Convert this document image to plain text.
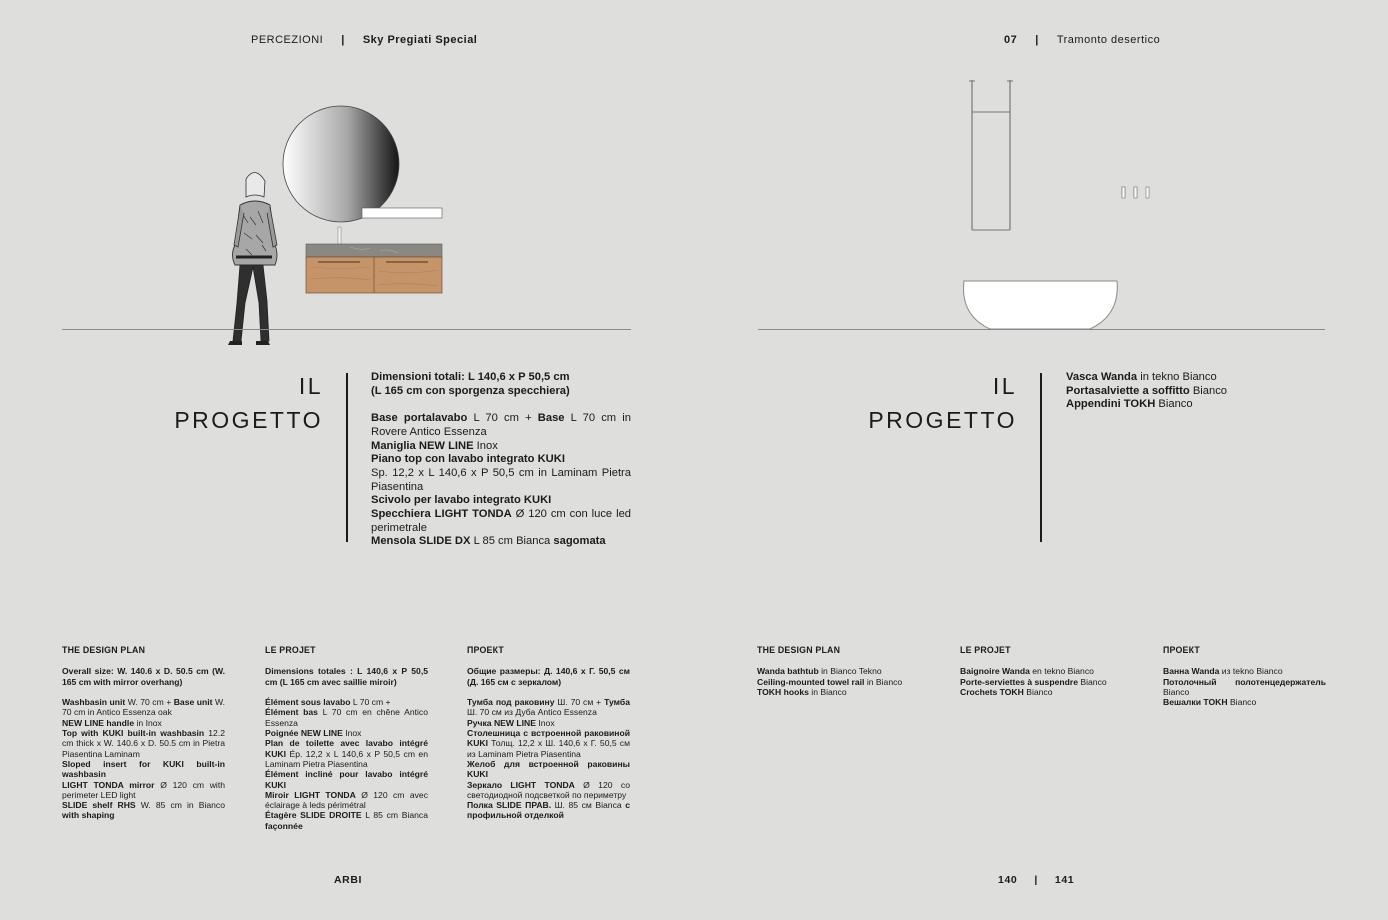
PERCEZIONI | Sky Pregiati Special	07 | Tramonto desertico
IL
PROGETTO

Dimensioni totali: L 140,6 x P 50,5 cm

(L 165 cm con sporgenza specchiera)

Base portalavabo L 70 cm + Base L 70 cm in Rovere Antico Essenza

Maniglia NEW LINE Inox

Piano top con lavabo integrato KUKI

Sp. 12,2 x L 140,6 x P 50,5 cm in Laminam Pietra Piasentina

Scivolo per lavabo integrato KUKI

Specchiera LIGHT TONDA Ø 120 cm con luce led perimetrale

Mensola SLIDE DX L 85 cm Bianca sagomata

IL
PROGETTO

Vasca Wanda in tekno Bianco

Portasalviette a soffitto Bianco

Appendini TOKH Bianco

THE DESIGN PLAN

Overall size: W. 140.6 x D. 50.5 cm (W. 165 cm with mirror overhang)

Washbasin unit W. 70 cm + Base unit W. 70 cm in Antico Essenza oak

NEW LINE handle in Inox

Top with KUKI built-in washbasin 12.2 cm thick x W. 140.6 x D. 50.5 cm in Pietra Piasentina Laminam

Sloped insert for KUKI built-in washbasin

LIGHT TONDA mirror Ø 120 cm with perimeter LED light

SLIDE shelf RHS W. 85 cm in Bianco with shaping

LE PROJET

Dimensions totales : L 140,6 x P 50,5 cm (L 165 cm avec saillie miroir)

Élément sous lavabo L 70 cm +

Élément bas L 70 cm en chêne Antico Essenza

Poignée NEW LINE Inox

Plan de toilette avec lavabo intégré KUKI Ép. 12,2 x L 140,6 x P 50,5 cm en Laminam Pietra Piasentina

Élément incliné pour lavabo intégré KUKI

Miroir LIGHT TONDA Ø 120 cm avec éclairage à leds périmétral

Étagère SLIDE DROITE L 85 cm Bianca façonnée

ПРОЕКТ

Общие размеры: Д. 140,6 x Г. 50,5 см (Д. 165 см с зеркалом)

Тумба под раковину Ш. 70 см + Тумба Ш. 70 см из Дуба Antico Essenza

Ручка NEW LINE Inox

Столешница с встроенной раковиной KUKI Толщ. 12,2 x Ш. 140,6 x Г. 50,5 см из Laminam Pietra Piasentina

Желоб для встроенной раковины KUKI

Зеркало LIGHT TONDA Ø 120 со светодиодной подсветкой по периметру

Полка SLIDE ПРАВ. Ш. 85 см Bianca с профильной отделкой

THE DESIGN PLAN

Wanda bathtub in Bianco Tekno

Ceiling-mounted towel rail in Bianco

TOKH hooks in Bianco

LE PROJET

Baignoire Wanda en tekno Bianco

Porte-serviettes à suspendre Bianco

Crochets TOKH Bianco

ПРОЕКТ

Ванна Wanda из tekno Bianco

Потолочный полотенцедержатель Bianco

Вешалки TOKH Bianco

ARBI	140 | 141
